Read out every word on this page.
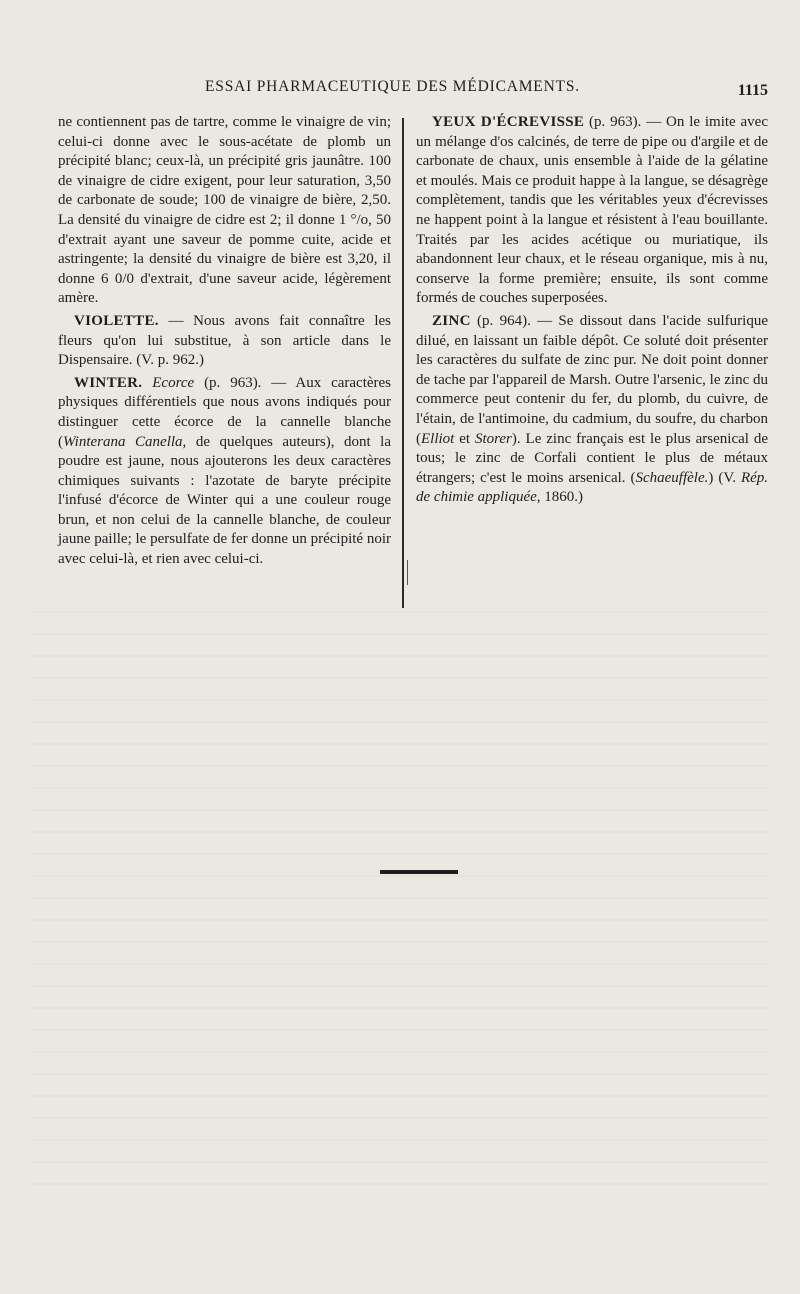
ESSAI PHARMACEUTIQUE DES MÉDICAMENTS.	1115

ne contiennent pas de tartre, comme le vinaigre de vin; celui-ci donne avec le sous-acétate de plomb un précipité blanc; ceux-là, un précipité gris jaunâtre. 100 de vinaigre de cidre exigent, pour leur saturation, 3,50 de carbonate de soude; 100 de vinaigre de bière, 2,50. La densité du vinaigre de cidre est 2; il donne 1 °/o, 50 d'extrait ayant une saveur de pomme cuite, acide et astringente; la densité du vinaigre de bière est 3,20, il donne 6 0/0 d'extrait, d'une saveur acide, légèrement amère.

VIOLETTE. — Nous avons fait connaître les fleurs qu'on lui substitue, à son article dans le Dispensaire. (V. p. 962.)

WINTER. Ecorce (p. 963). — Aux caractères physiques différentiels que nous avons indiqués pour distinguer cette écorce de la cannelle blanche (Winterana Canella, de quelques auteurs), dont la poudre est jaune, nous ajouterons les deux caractères chimiques suivants : l'azotate de baryte précipite l'infusé d'écorce de Winter qui a une couleur rouge brun, et non celui de la cannelle blanche, de couleur jaune paille; le persulfate de fer donne un précipité noir avec celui-là, et rien avec celui-ci.

YEUX D'ÉCREVISSE (p. 963). — On le imite avec un mélange d'os calcinés, de terre de pipe ou d'argile et de carbonate de chaux, unis ensemble à l'aide de la gélatine et moulés. Mais ce produit happe à la langue, se désagrège complètement, tandis que les véritables yeux d'écrevisses ne happent point à la langue et résistent à l'eau bouillante. Traités par les acides acétique ou muriatique, ils abandonnent leur chaux, et le réseau organique, mis à nu, conserve la forme première; ensuite, ils sont comme formés de couches superposées.

ZINC (p. 964). — Se dissout dans l'acide sulfurique dilué, en laissant un faible dépôt. Ce soluté doit présenter les caractères du sulfate de zinc pur. Ne doit point donner de tache par l'appareil de Marsh. Outre l'arsenic, le zinc du commerce peut contenir du fer, du plomb, du cuivre, de l'étain, de l'antimoine, du cadmium, du soufre, du charbon (Elliot et Storer). Le zinc français est le plus arsenical de tous; le zinc de Corfali contient le plus de métaux étrangers; c'est le moins arsenical. (Schaeuffèle.) (V. Rép. de chimie appliquée, 1860.)
